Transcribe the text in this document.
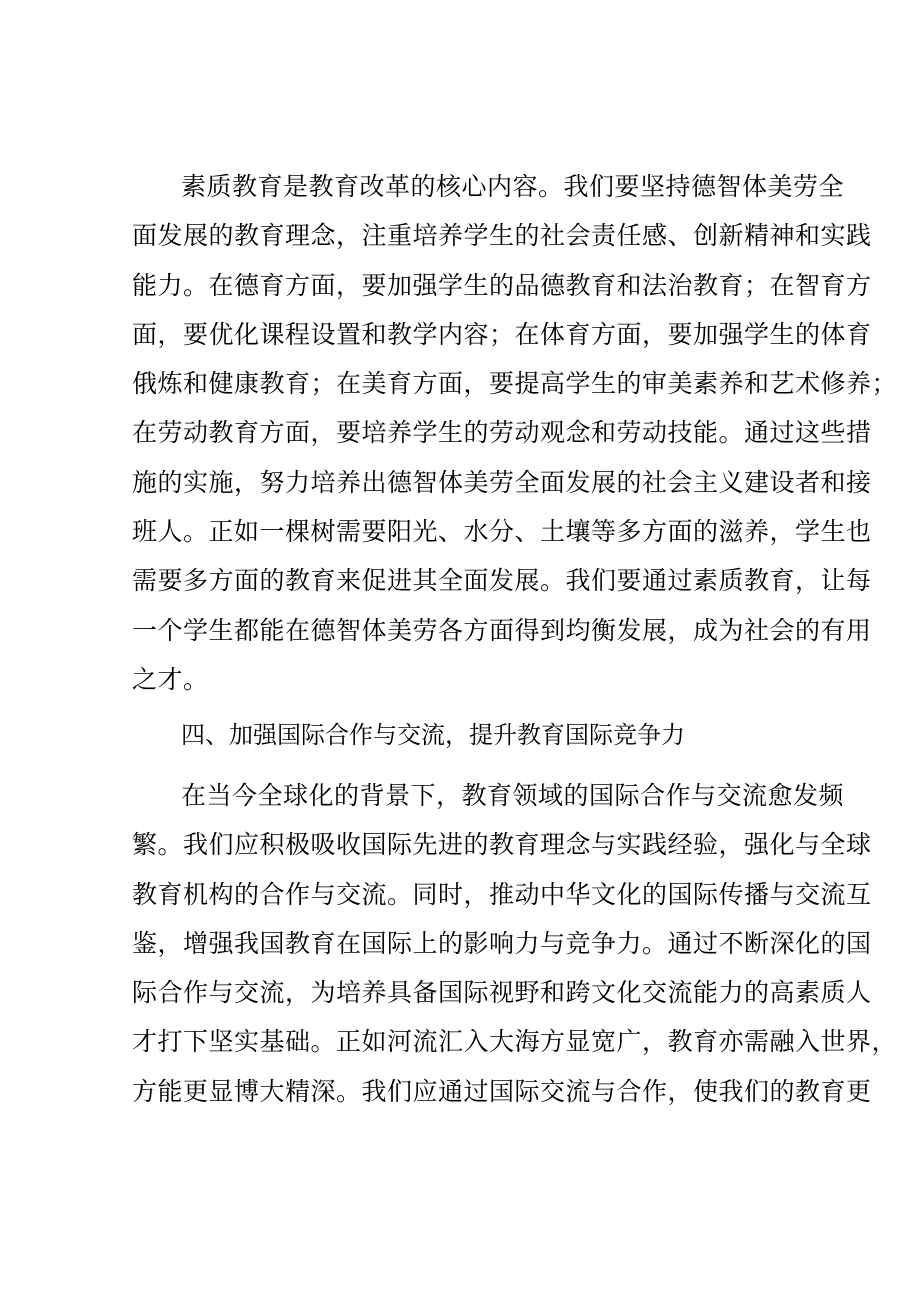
素质教育是教育改革的核心内容。我们要坚持德智体美劳全
面发展的教育理念，注重培养学生的社会责任感、创新精神和实践
能力。在德育方面，要加强学生的品德教育和法治教育；在智育方
面，要优化课程设置和教学内容；在体育方面，要加强学生的体育
俄炼和健康教育；在美育方面，要提高学生的审美素养和艺术修养；
在劳动教育方面，要培养学生的劳动观念和劳动技能。通过这些措
施的实施，努力培养出德智体美劳全面发展的社会主义建设者和接
班人。正如一棵树需要阳光、水分、土壤等多方面的滋养，学生也
需要多方面的教育来促进其全面发展。我们要通过素质教育，让每
一个学生都能在德智体美劳各方面得到均衡发展，成为社会的有用
之才。
四、加强国际合作与交流，提升教育国际竞争力
在当今全球化的背景下，教育领域的国际合作与交流愈发频
繁。我们应积极吸收国际先进的教育理念与实践经验，强化与全球
教育机构的合作与交流。同时，推动中华文化的国际传播与交流互
鉴，增强我国教育在国际上的影响力与竞争力。通过不断深化的国
际合作与交流，为培养具备国际视野和跨文化交流能力的高素质人
才打下坚实基础。正如河流汇入大海方显宽广，教育亦需融入世界，
方能更显博大精深。我们应通过国际交流与合作，使我们的教育更
